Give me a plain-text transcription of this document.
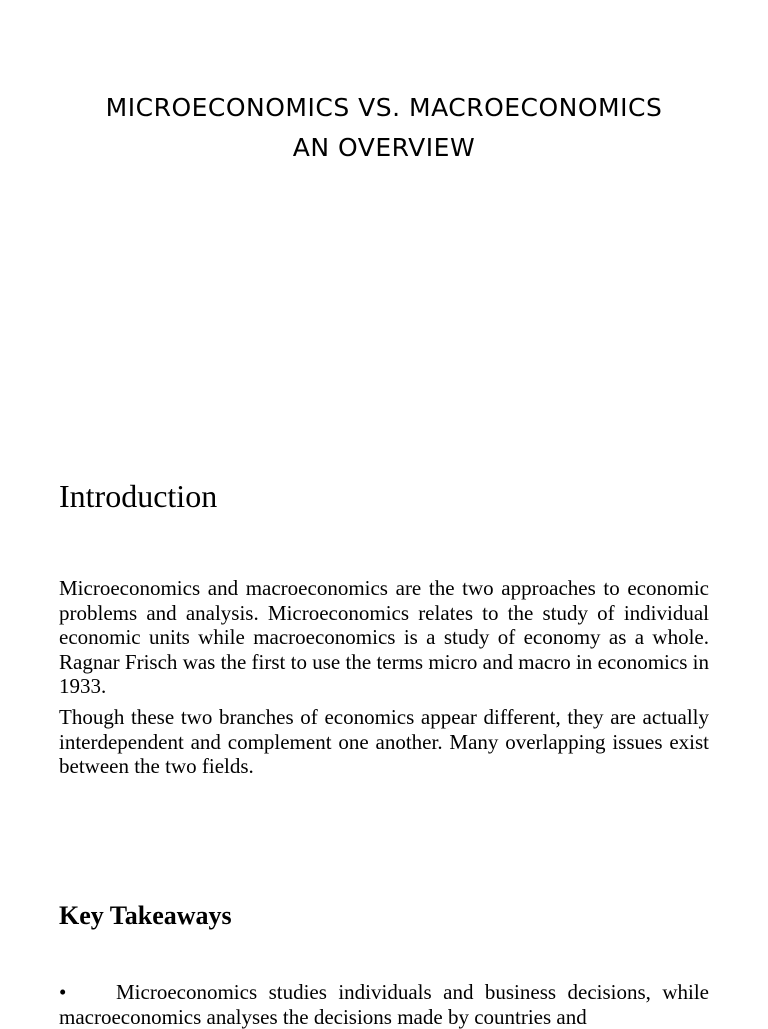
MICROECONOMICS VS. MACROECONOMICS
AN OVERVIEW
Introduction

Microeconomics and macroeconomics are the two approaches to economic problems and analysis. Microeconomics relates to the study of individual economic units while macroeconomics is a study of economy as a whole. Ragnar Frisch was the first to use the terms micro and macro in economics in 1933.

Though these two branches of economics appear different, they are actually interdependent and complement one another. Many overlapping issues exist between the two fields.

Key Takeaways

• Microeconomics studies individuals and business decisions, while macroeconomics analyses the decisions made by countries and
